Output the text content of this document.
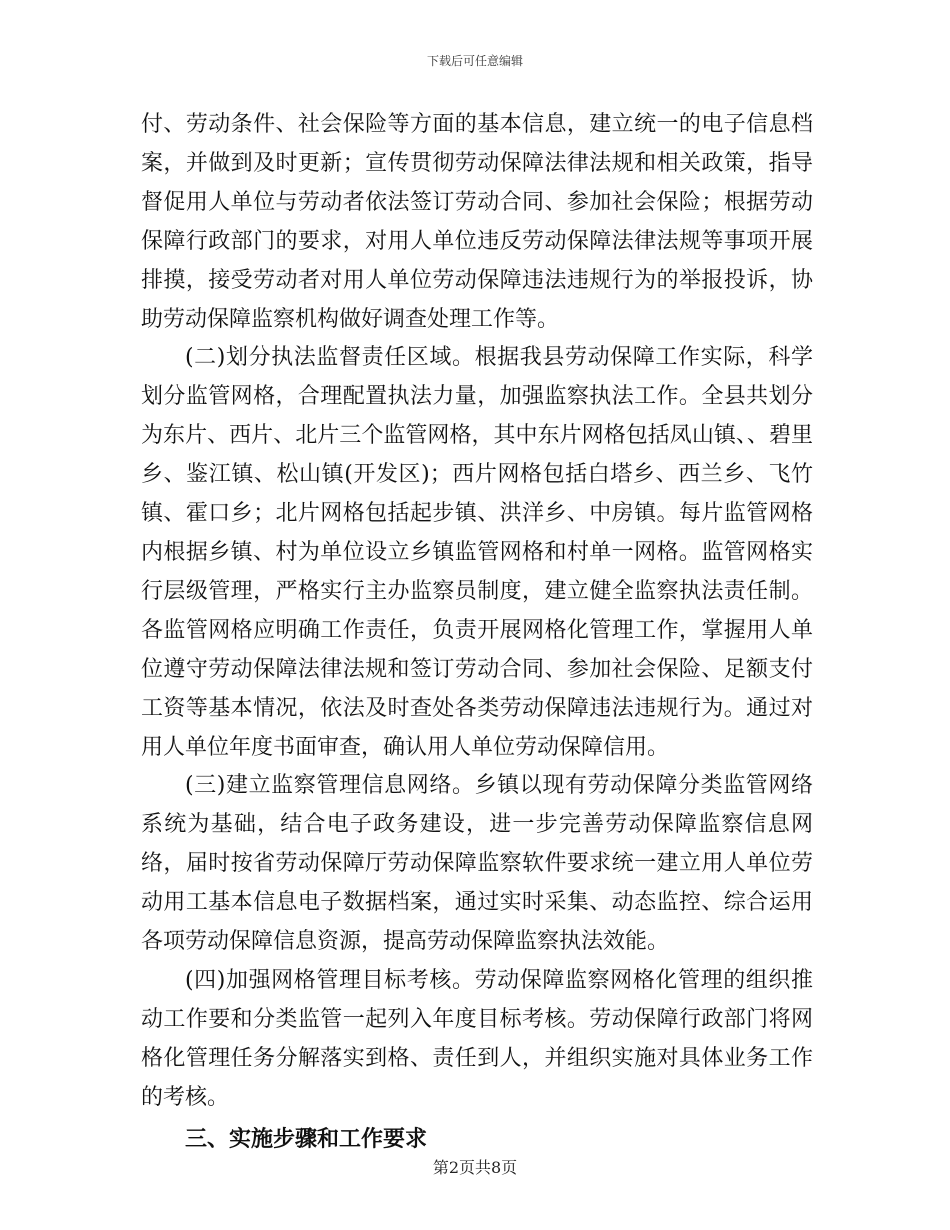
下载后可任意编辑

付、劳动条件、社会保险等方面的基本信息，建立统一的电子信息档案，并做到及时更新；宣传贯彻劳动保障法律法规和相关政策，指导督促用人单位与劳动者依法签订劳动合同、参加社会保险；根据劳动保障行政部门的要求，对用人单位违反劳动保障法律法规等事项开展排摸，接受劳动者对用人单位劳动保障违法违规行为的举报投诉，协助劳动保障监察机构做好调查处理工作等。

(二)划分执法监督责任区域。根据我县劳动保障工作实际，科学划分监管网格，合理配置执法力量，加强监察执法工作。全县共划分为东片、西片、北片三个监管网格，其中东片网格包括凤山镇、、碧里乡、鉴江镇、松山镇(开发区)；西片网格包括白塔乡、西兰乡、飞竹镇、霍口乡；北片网格包括起步镇、洪洋乡、中房镇。每片监管网格内根据乡镇、村为单位设立乡镇监管网格和村单一网格。监管网格实行层级管理，严格实行主办监察员制度，建立健全监察执法责任制。各监管网格应明确工作责任，负责开展网格化管理工作，掌握用人单位遵守劳动保障法律法规和签订劳动合同、参加社会保险、足额支付工资等基本情况，依法及时查处各类劳动保障违法违规行为。通过对用人单位年度书面审查，确认用人单位劳动保障信用。

(三)建立监察管理信息网络。乡镇以现有劳动保障分类监管网络系统为基础，结合电子政务建设，进一步完善劳动保障监察信息网络，届时按省劳动保障厅劳动保障监察软件要求统一建立用人单位劳动用工基本信息电子数据档案，通过实时采集、动态监控、综合运用各项劳动保障信息资源，提高劳动保障监察执法效能。

(四)加强网格管理目标考核。劳动保障监察网格化管理的组织推动工作要和分类监管一起列入年度目标考核。劳动保障行政部门将网格化管理任务分解落实到格、责任到人，并组织实施对具体业务工作的考核。

三、实施步骤和工作要求
第2页共8页
